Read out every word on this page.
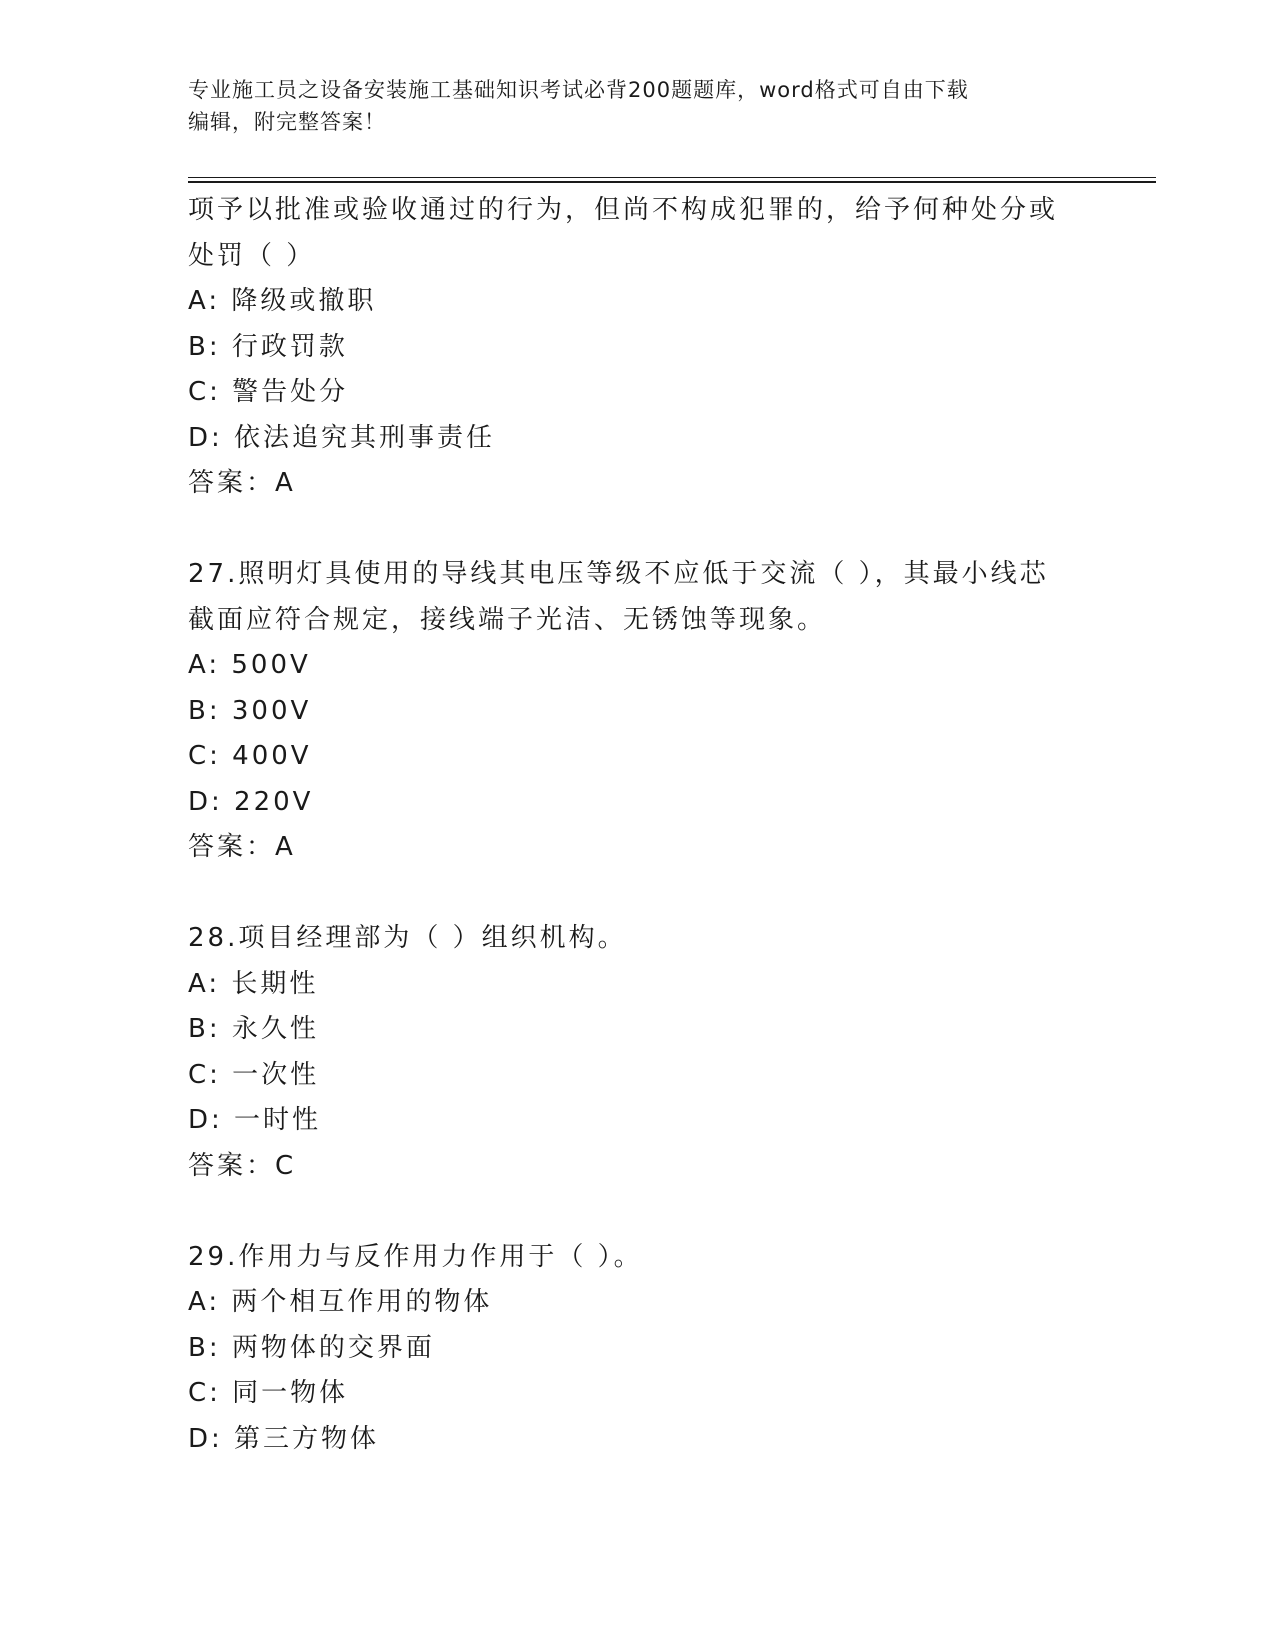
专业施工员之设备安装施工基础知识考试必背200题题库，word格式可自由下载
编辑，附完整答案！
项予以批准或验收通过的行为，但尚不构成犯罪的，给予何种处分或
处罚（ ）
A: 降级或撤职
B: 行政罚款
C: 警告处分
D: 依法追究其刑事责任
答案：A
27.照明灯具使用的导线其电压等级不应低于交流（ ），其最小线芯
截面应符合规定，接线端子光洁、无锈蚀等现象。
A: 500V
B: 300V
C: 400V
D: 220V
答案：A
28.项目经理部为（ ）组织机构。
A: 长期性
B: 永久性
C: 一次性
D: 一时性
答案：C
29.作用力与反作用力作用于（ ）。
A: 两个相互作用的物体
B: 两物体的交界面
C: 同一物体
D: 第三方物体
